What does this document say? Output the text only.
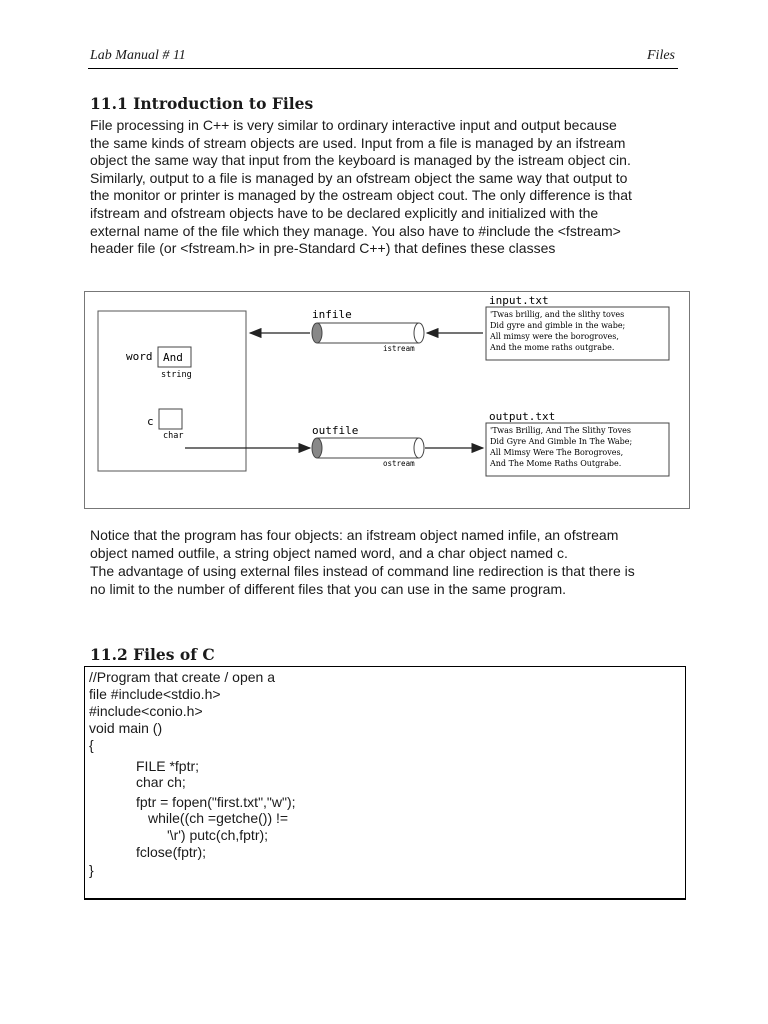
Lab Manual # 11	Files
11.1 Introduction to Files
File processing in C++ is very similar to ordinary interactive input and output because
the same kinds of stream objects are used. Input from a file is managed by an ifstream
object the same way that input from the keyboard is managed by the istream object cin.
Similarly, output to a file is managed by an ofstream object the same way that output to
the monitor or printer is managed by the ostream object cout. The only difference is that
ifstream and ofstream objects have to be declared explicitly and initialized with the
external name of the file which they manage. You also have to #include the <fstream>
header file (or <fstream.h> in pre-Standard C++) that defines these classes
word And
string
c
char
infile
istream
input.txt
'Twas brillig, and the slithy toves
Did gyre and gimble in the wabe;
All mimsy were the borogroves,
And the mome raths outgrabe.
outfile
ostream
output.txt
'Twas Brillig, And The Slithy Toves
Did Gyre And Gimble In The Wabe;
All Mimsy Were The Borogroves,
And The Mome Raths Outgrabe.
Notice that the program has four objects: an ifstream object named infile, an ofstream
object named outfile, a string object named word, and a char object named c.
The advantage of using external files instead of command line redirection is that there is
no limit to the number of different files that you can use in the same program.
11.2 Files of C
//Program that create / open a
file #include<stdio.h>
#include<conio.h>
void main ()
{
FILE *fptr;
char ch;
fptr = fopen("first.txt","w");
while((ch =getche()) !=
'\r') putc(ch,fptr);
fclose(fptr);
}
